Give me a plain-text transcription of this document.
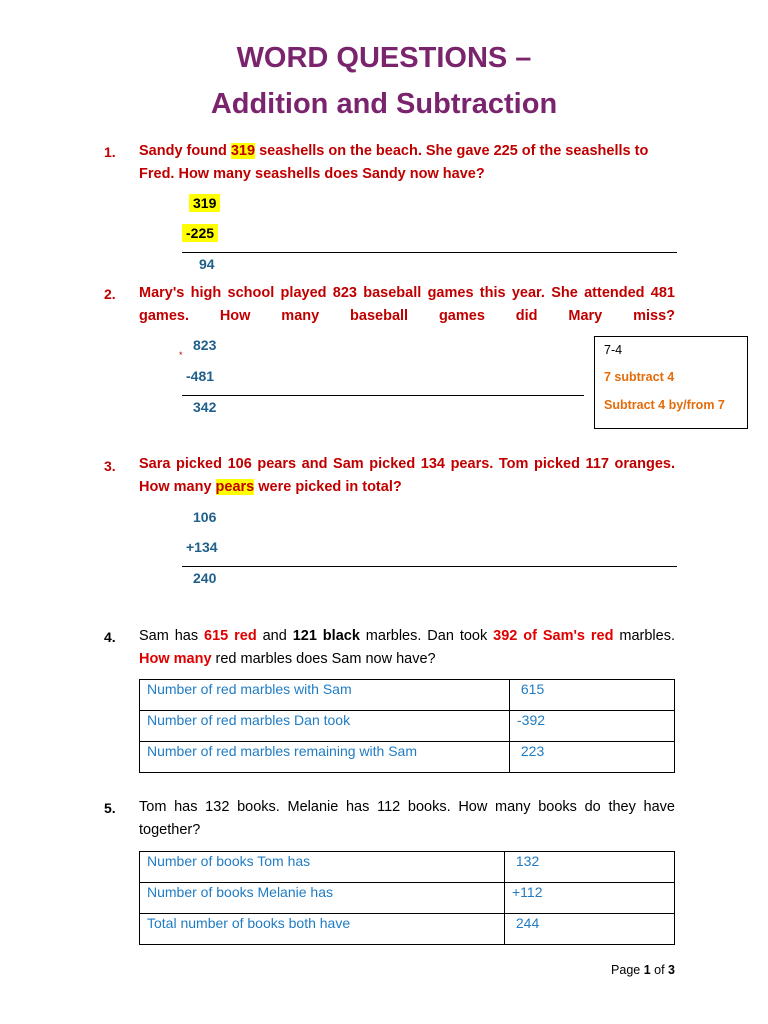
WORD QUESTIONS –
Addition and Subtraction
1. Sandy found 319 seashells on the beach. She gave 225 of the seashells to Fred. How many seashells does Sandy now have?
319
-225
94
2. Mary's high school played 823 baseball games this year. She attended 481 games. How many baseball games did Mary miss?
*
823
-481
342
7-4
7 subtract 4
Subtract 4 by/from 7
3. Sara picked 106 pears and Sam picked 134 pears. Tom picked 117 oranges. How many pears were picked in total?
106
+134
240
4. Sam has 615 red and 121 black marbles. Dan took 392 of Sam's red marbles. How many red marbles does Sam now have?
Number of red marbles with Sam	615
Number of red marbles Dan took	-392
Number of red marbles remaining with Sam	223
5. Tom has 132 books. Melanie has 112 books. How many books do they have together?
Number of books Tom has	132
Number of books Melanie has	+112
Total number of books both have	244
Page 1 of 3
